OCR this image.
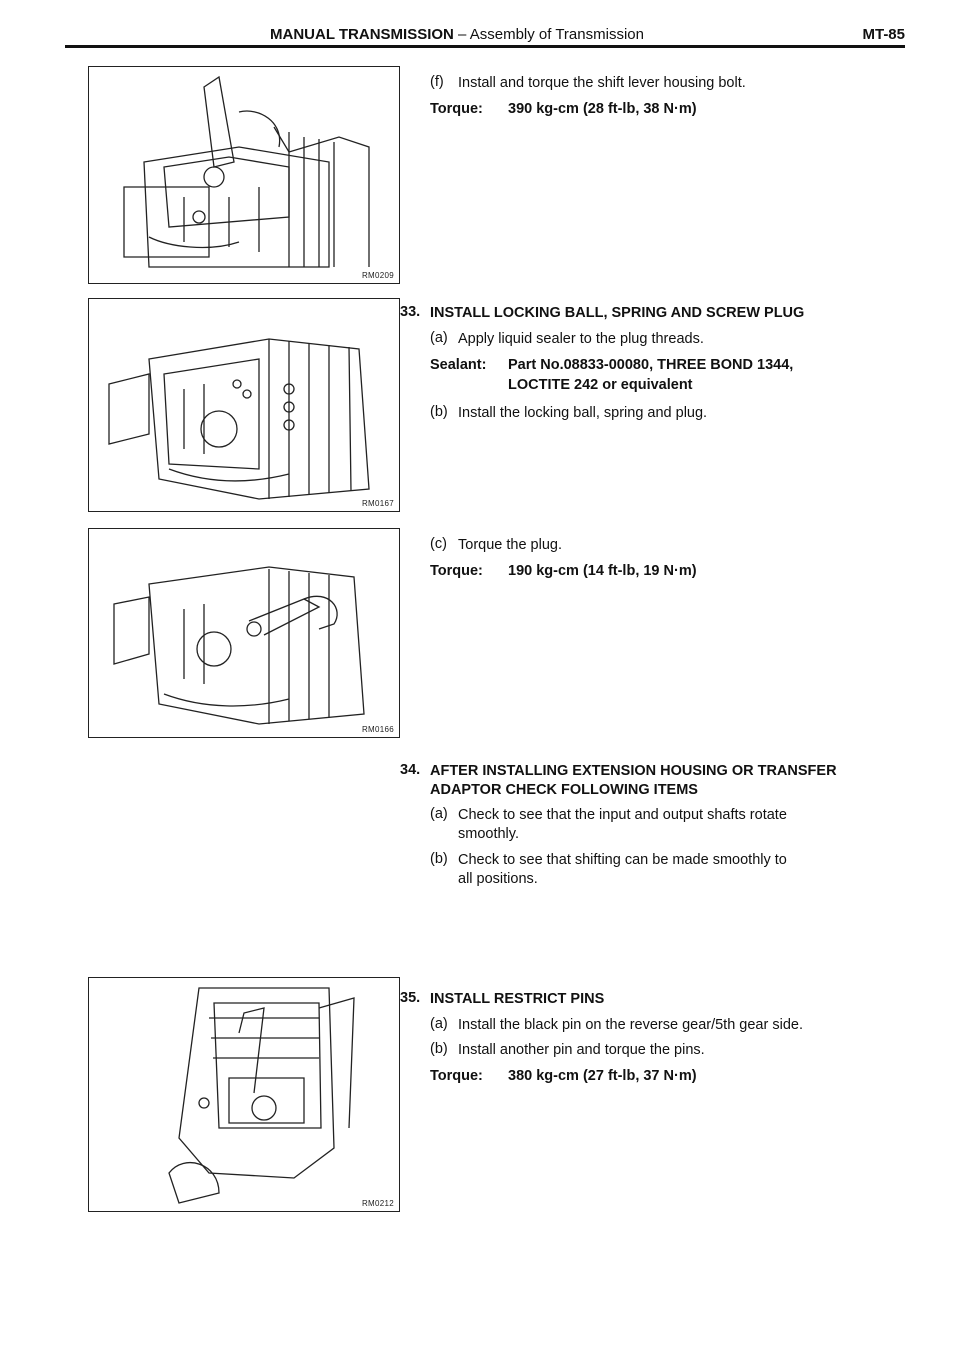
MANUAL TRANSMISSION – Assembly of Transmission	MT-85
RM0209
RM0167
RM0166
RM0212
(f) Install and torque the shift lever housing bolt.
Torque: 390 kg-cm (28 ft-lb, 38 N·m)
33. INSTALL LOCKING BALL, SPRING AND SCREW PLUG
(a) Apply liquid sealer to the plug threads.
Sealant: Part No.08833-00080, THREE BOND 1344,
LOCTITE 242 or equivalent
(b) Install the locking ball, spring and plug.
(c) Torque the plug.
Torque: 190 kg-cm (14 ft-lb, 19 N·m)
34. AFTER INSTALLING EXTENSION HOUSING OR TRANSFER
ADAPTOR CHECK FOLLOWING ITEMS
(a) Check to see that the input and output shafts rotate
smoothly.
(b) Check to see that shifting can be made smoothly to
all positions.
35. INSTALL RESTRICT PINS
(a) Install the black pin on the reverse gear/5th gear side.
(b) Install another pin and torque the pins.
Torque: 380 kg-cm (27 ft-lb, 37 N·m)
